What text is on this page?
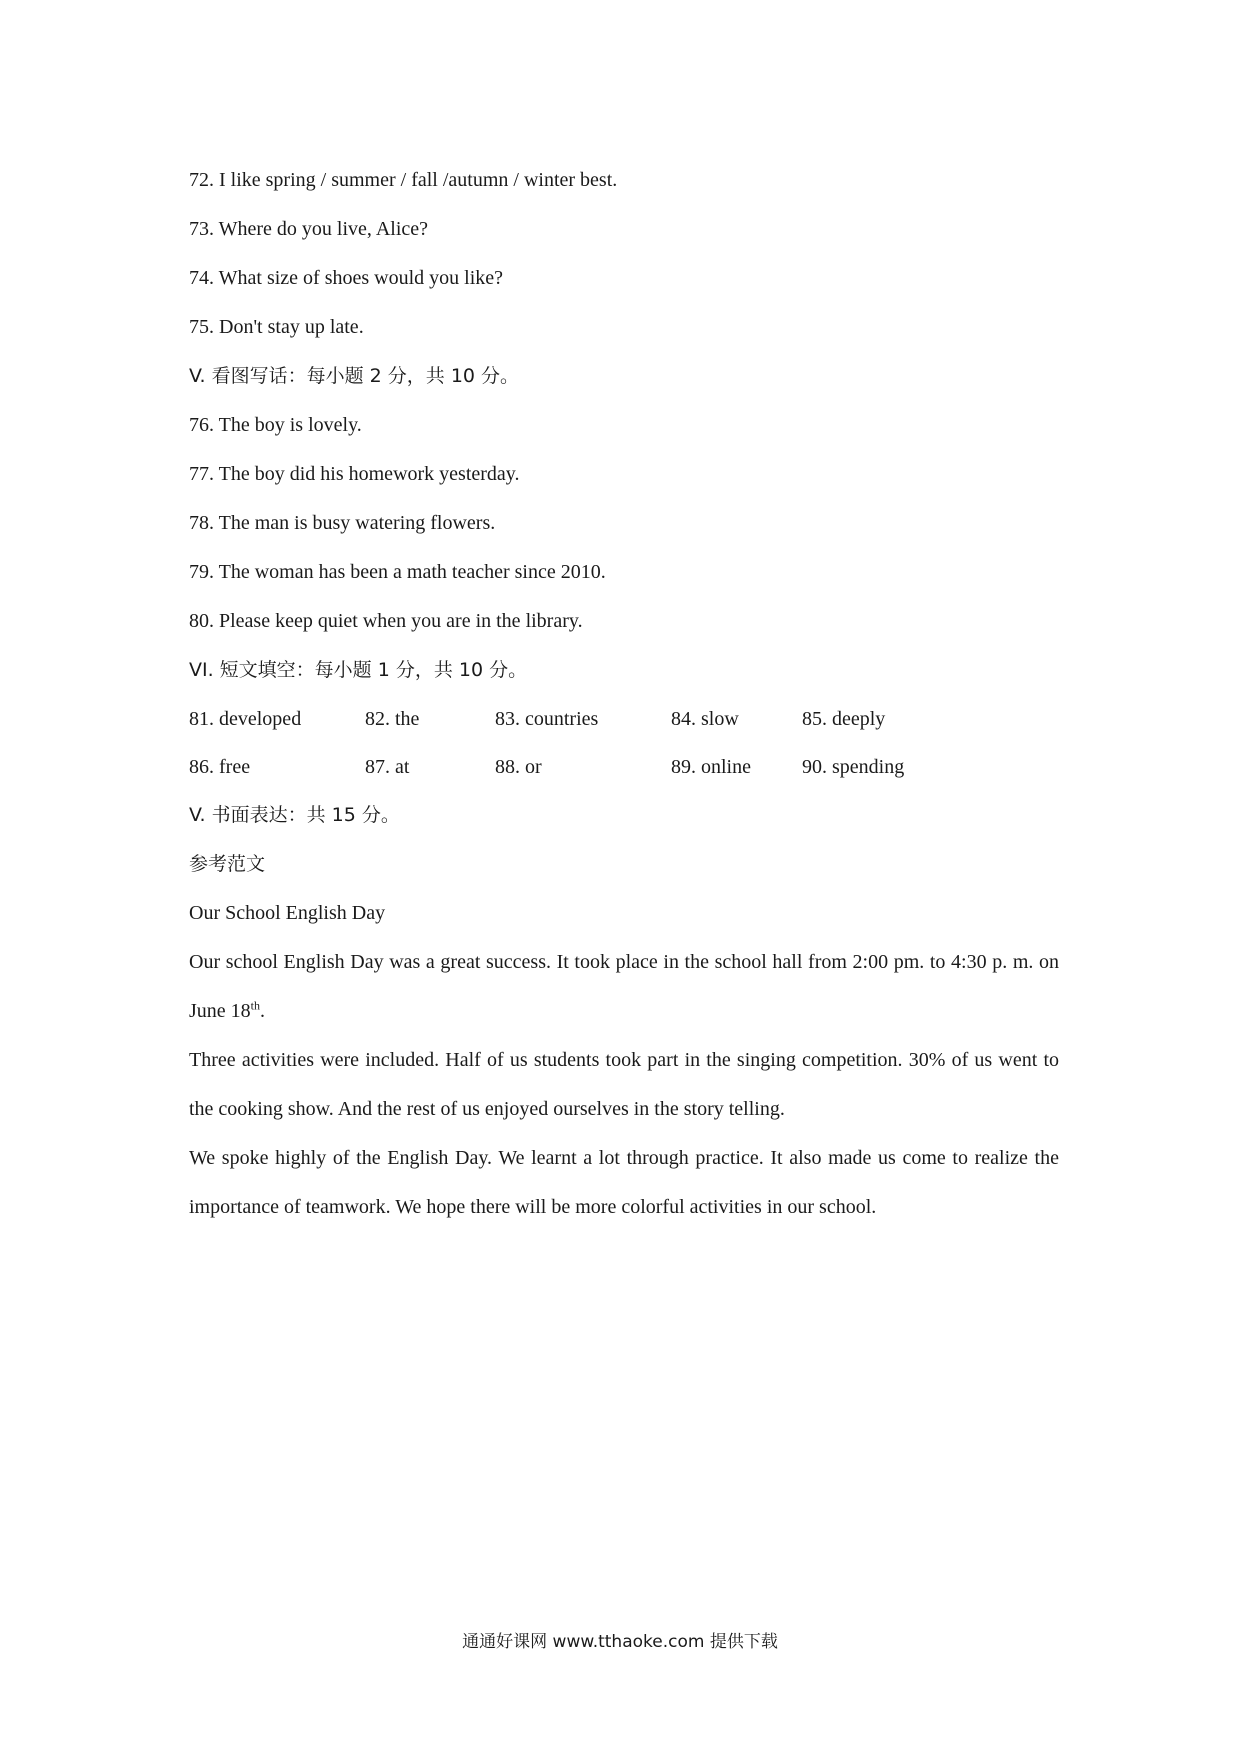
72. I like spring / summer / fall /autumn / winter best.
73. Where do you live, Alice?
74. What size of shoes would you like?
75. Don't stay up late.
V. 看图写话：每小题 2 分，共 10 分。
76. The boy is lovely.
77. The boy did his homework yesterday.
78. The man is busy watering flowers.
79. The woman has been a math teacher since 2010.
80. Please keep quiet when you are in the library.
VI. 短文填空：每小题 1 分，共 10 分。
81. developed	82. the	83. countries	84. slow	85. deeply
86. free	87. at	88. or	89. online	90. spending
V. 书面表达：共 15 分。
参考范文
Our School English Day
Our school English Day was a great success. It took place in the school hall from 2:00 pm. to 4:30 p. m. on June 18th.
Three activities were included. Half of us students took part in the singing competition. 30% of us went to the cooking show. And the rest of us enjoyed ourselves in the story telling.
We spoke highly of the English Day. We learnt a lot through practice. It also made us come to realize the importance of teamwork. We hope there will be more colorful activities in our school.
通通好课网 www.tthaoke.com 提供下载
